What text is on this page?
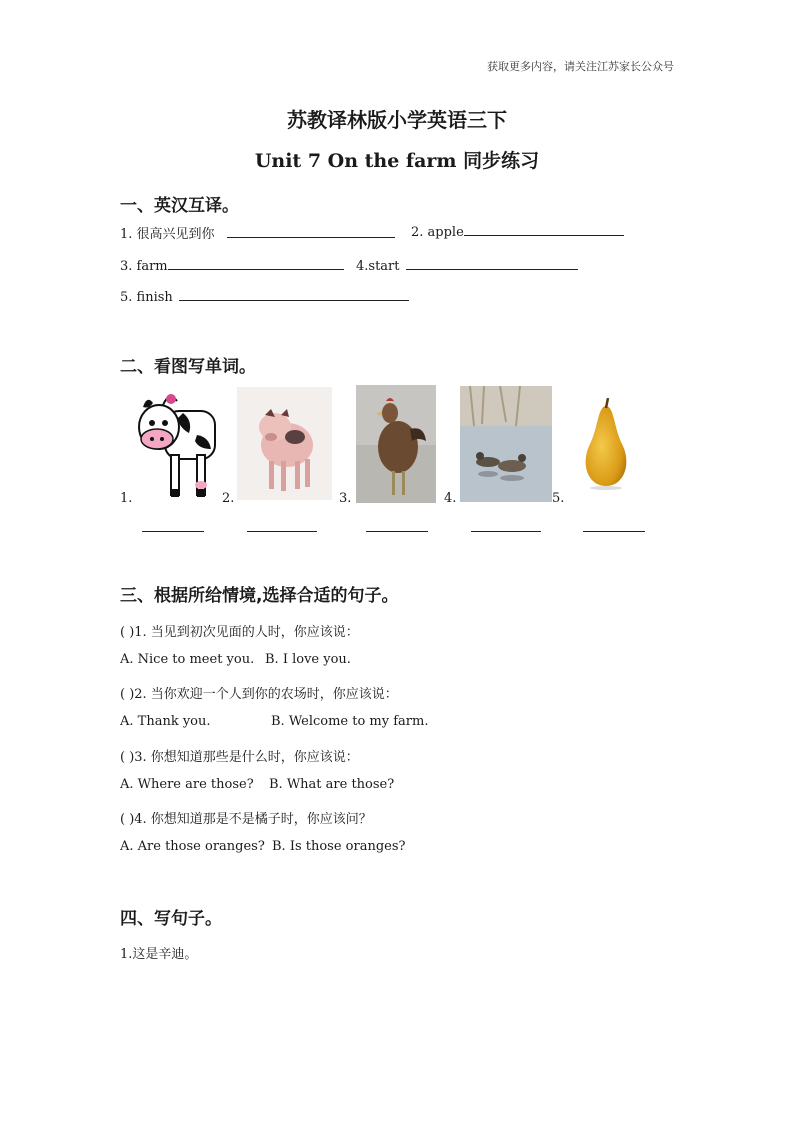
获取更多内容，请关注江苏家长公众号
苏教译林版小学英语三下
Unit 7 On the farm 同步练习
一、英汉互译。
1. 很高兴见到你	2. apple
3. farm	4.start
5. finish
二、看图写单词。
1.	2.	3.	4.	5.
三、根据所给情境,选择合适的句子。
( )1. 当见到初次见面的人时，你应该说：
A. Nice to meet you. B. I love you.
( )2. 当你欢迎一个人到你的农场时，你应该说：
A. Thank you.	B. Welcome to my farm.
( )3. 你想知道那些是什么时，你应该说：
A. Where are those? B. What are those?
( )4. 你想知道那是不是橘子时，你应该问？
A. Are those oranges? B. Is those oranges?
四、写句子。
1.这是辛迪。
